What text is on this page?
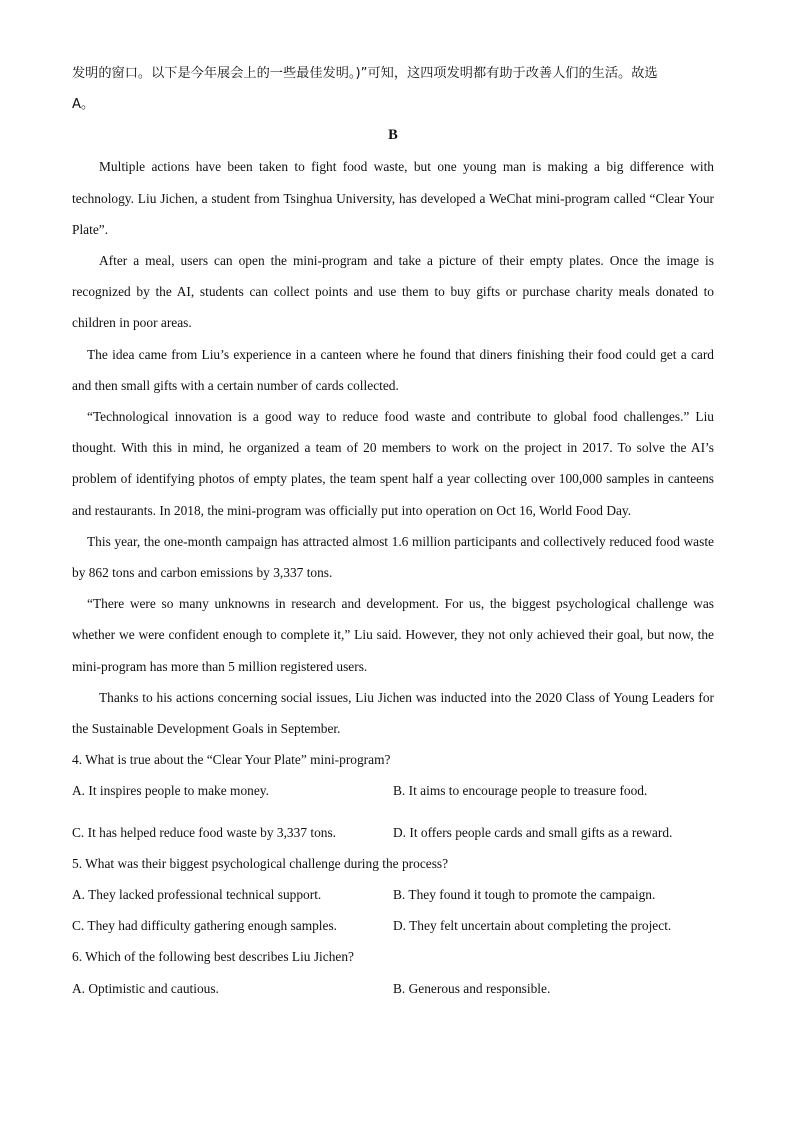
发明的窗口。以下是今年展会上的一些最佳发明。)”可知，这四项发明都有助于改善人们的生活。故选
A。
B
Multiple actions have been taken to fight food waste, but one young man is making a big difference with technology. Liu Jichen, a student from Tsinghua University, has developed a WeChat mini-program called “Clear Your Plate”.
After a meal, users can open the mini-program and take a picture of their empty plates. Once the image is recognized by the AI, students can collect points and use them to buy gifts or purchase charity meals donated to children in poor areas.
The idea came from Liu’s experience in a canteen where he found that diners finishing their food could get a card and then small gifts with a certain number of cards collected.
“Technological innovation is a good way to reduce food waste and contribute to global food challenges.” Liu thought. With this in mind, he organized a team of 20 members to work on the project in 2017. To solve the AI’s problem of identifying photos of empty plates, the team spent half a year collecting over 100,000 samples in canteens and restaurants. In 2018, the mini-program was officially put into operation on Oct 16, World Food Day.
This year, the one-month campaign has attracted almost 1.6 million participants and collectively reduced food waste by 862 tons and carbon emissions by 3,337 tons.
“There were so many unknowns in research and development. For us, the biggest psychological challenge was whether we were confident enough to complete it,” Liu said. However, they not only achieved their goal, but now, the mini-program has more than 5 million registered users.
Thanks to his actions concerning social issues, Liu Jichen was inducted into the 2020 Class of Young Leaders for the Sustainable Development Goals in September.
4. What is true about the “Clear Your Plate” mini-program?
A. It inspires people to make money.	B. It aims to encourage people to treasure food.
C. It has helped reduce food waste by 3,337 tons.	D. It offers people cards and small gifts as a reward.
5. What was their biggest psychological challenge during the process?
A. They lacked professional technical support.	B. They found it tough to promote the campaign.
C. They had difficulty gathering enough samples.	D. They felt uncertain about completing the project.
6. Which of the following best describes Liu Jichen?
A. Optimistic and cautious.	B. Generous and responsible.
